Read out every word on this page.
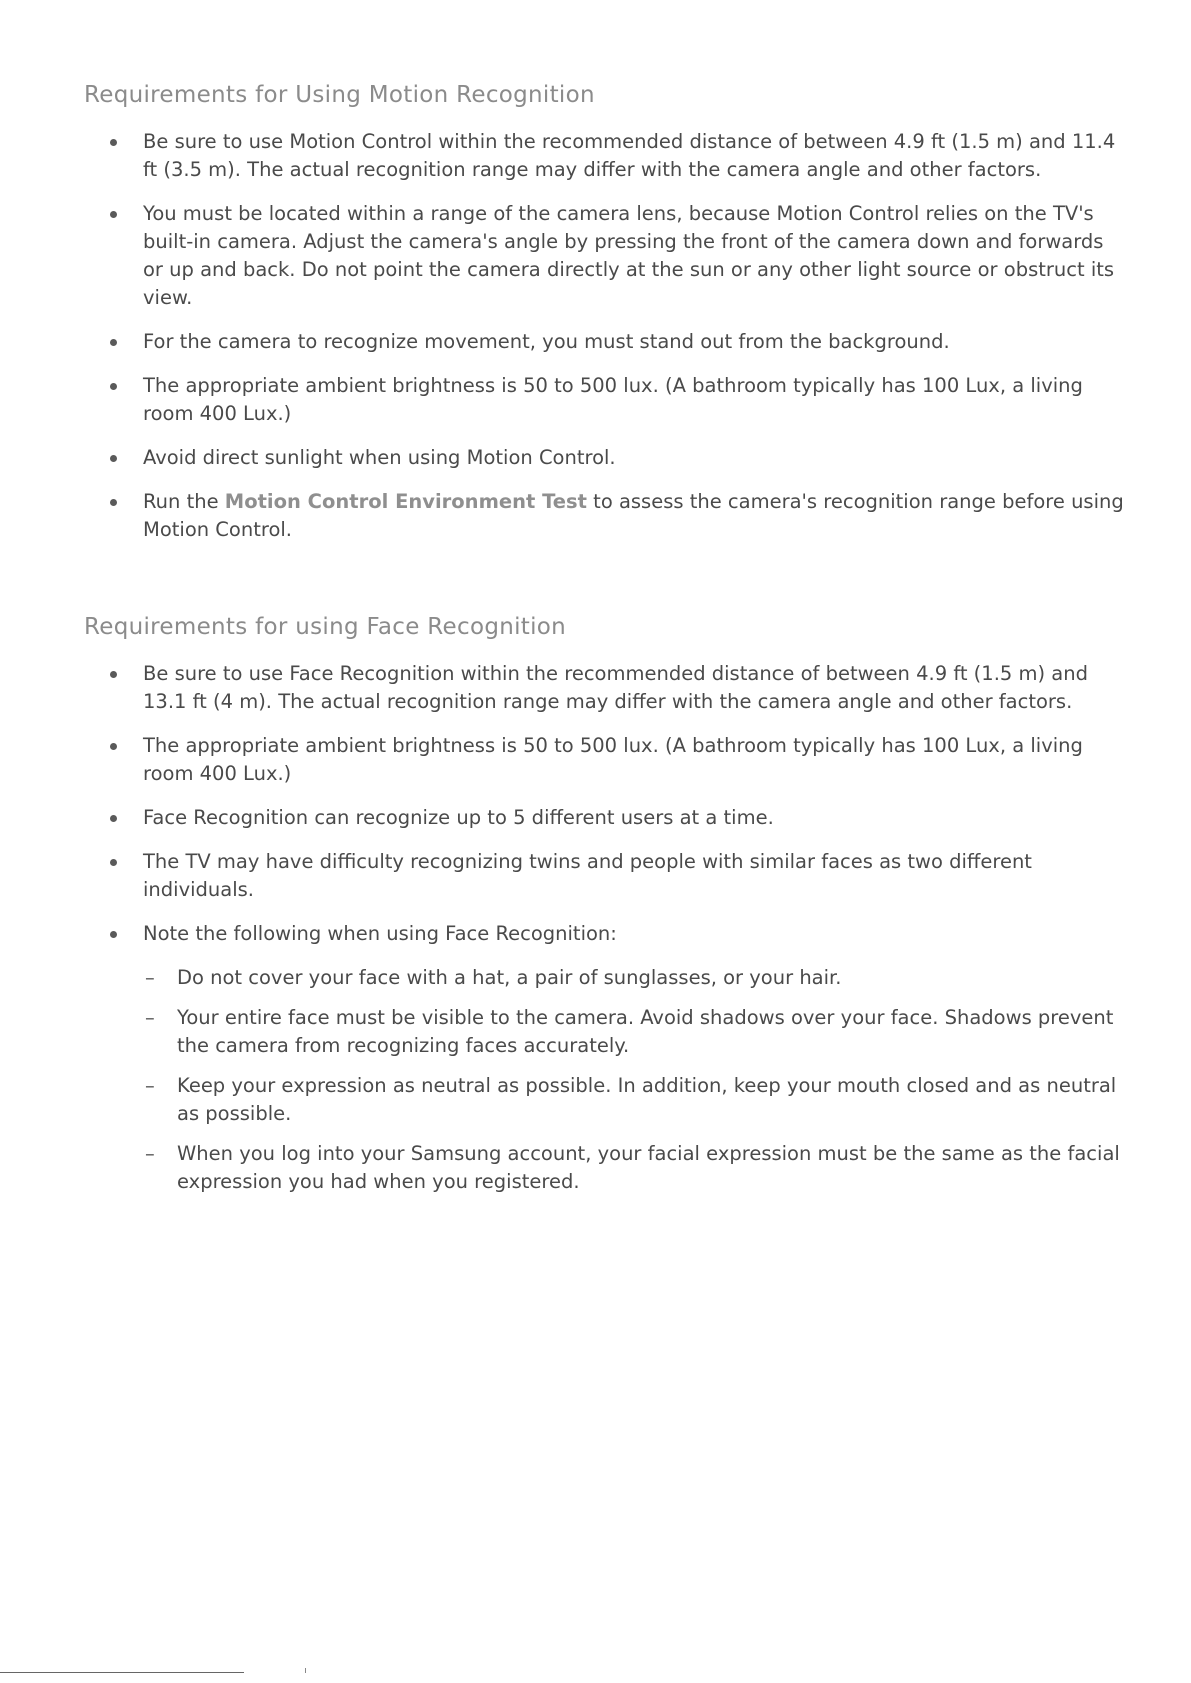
Requirements for Using Motion Recognition
Be sure to use Motion Control within the recommended distance of between 4.9 ft (1.5 m) and 11.4 ft (3.5 m). The actual recognition range may differ with the camera angle and other factors.
You must be located within a range of the camera lens, because Motion Control relies on the TV's built-in camera. Adjust the camera's angle by pressing the front of the camera down and forwards or up and back. Do not point the camera directly at the sun or any other light source or obstruct its view.
For the camera to recognize movement, you must stand out from the background.
The appropriate ambient brightness is 50 to 500 lux. (A bathroom typically has 100 Lux, a living room 400 Lux.)
Avoid direct sunlight when using Motion Control.
Run the Motion Control Environment Test to assess the camera's recognition range before using Motion Control.
Requirements for using Face Recognition
Be sure to use Face Recognition within the recommended distance of between 4.9 ft (1.5 m) and 13.1 ft (4 m). The actual recognition range may differ with the camera angle and other factors.
The appropriate ambient brightness is 50 to 500 lux. (A bathroom typically has 100 Lux, a living room 400 Lux.)
Face Recognition can recognize up to 5 different users at a time.
The TV may have difficulty recognizing twins and people with similar faces as two different individuals.
Note the following when using Face Recognition:
– Do not cover your face with a hat, a pair of sunglasses, or your hair.
– Your entire face must be visible to the camera. Avoid shadows over your face. Shadows prevent the camera from recognizing faces accurately.
– Keep your expression as neutral as possible. In addition, keep your mouth closed and as neutral as possible.
– When you log into your Samsung account, your facial expression must be the same as the facial expression you had when you registered.
